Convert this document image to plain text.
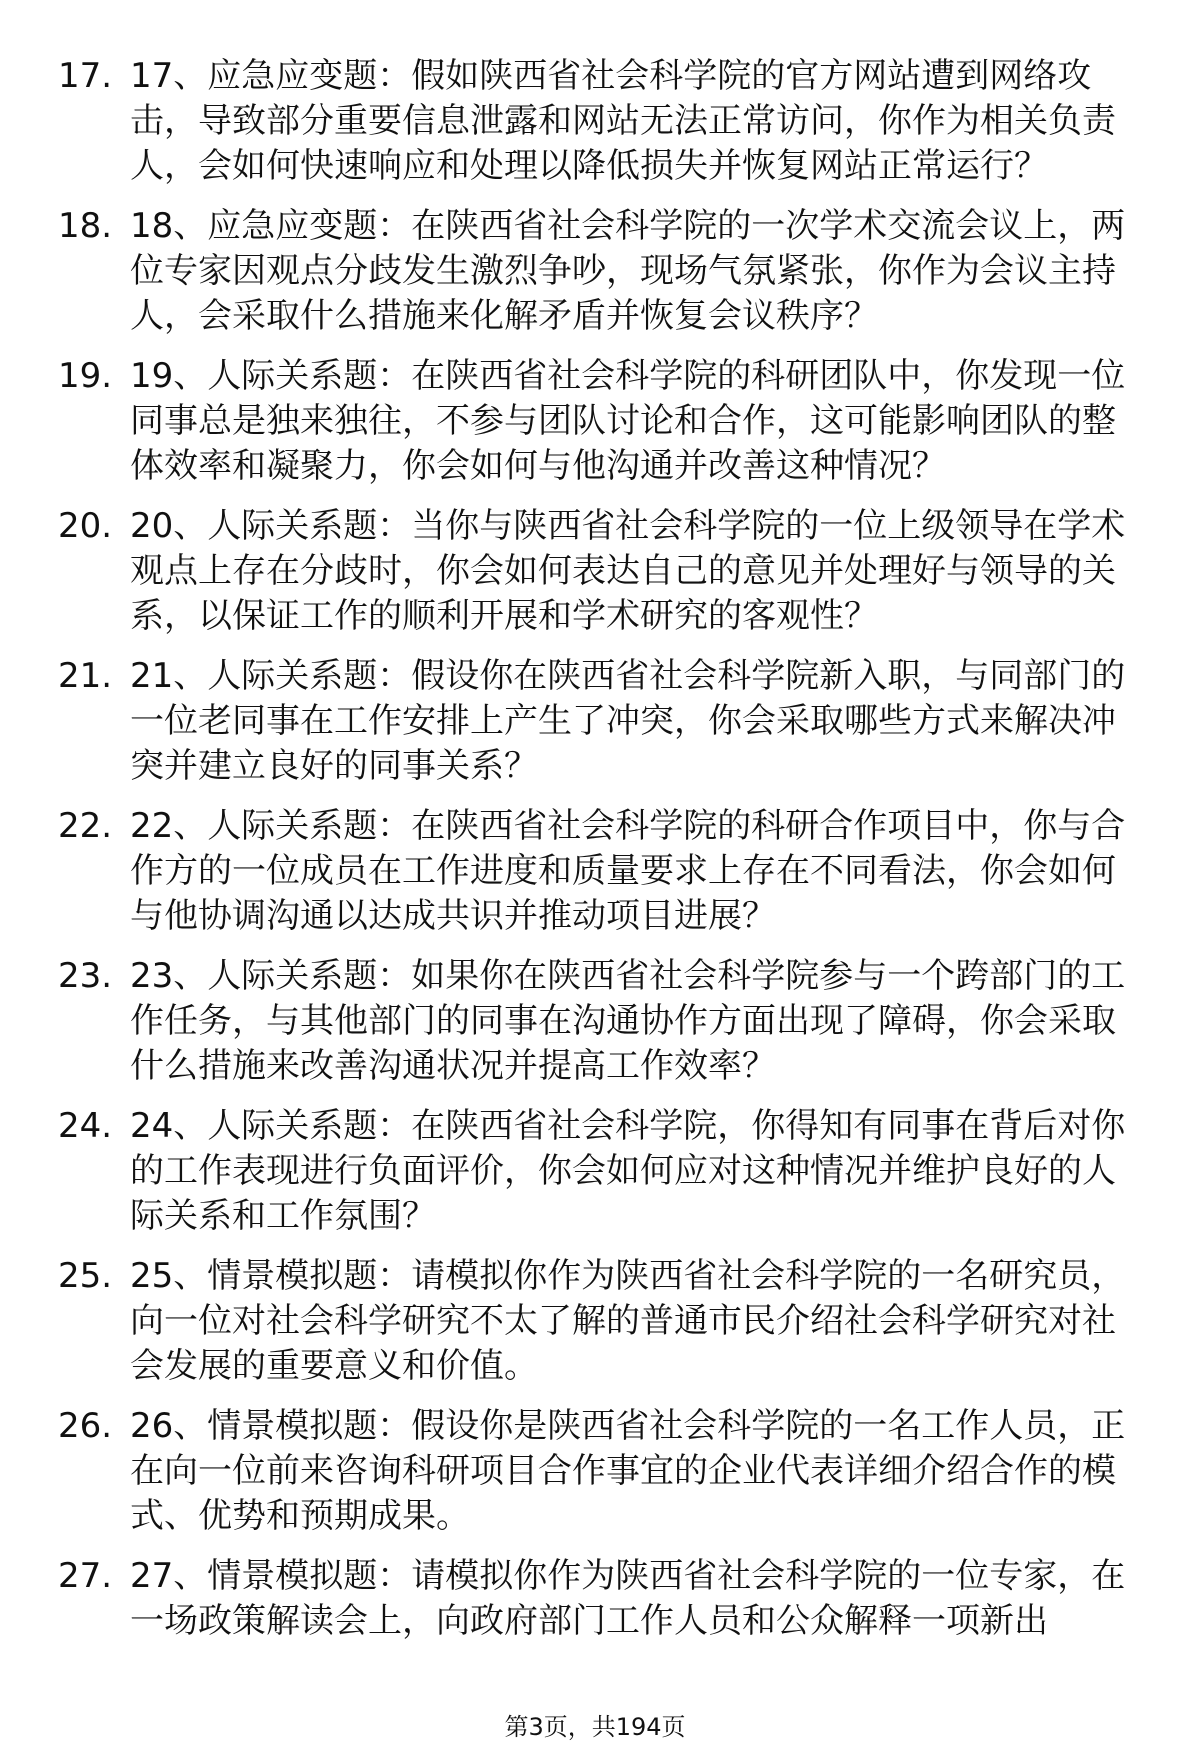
17. 17、应急应变题：假如陕西省社会科学院的官方网站遭到网络攻击，导致部分重要信息泄露和网站无法正常访问，你作为相关负责人，会如何快速响应和处理以降低损失并恢复网站正常运行？
18. 18、应急应变题：在陕西省社会科学院的一次学术交流会议上，两位专家因观点分歧发生激烈争吵，现场气氛紧张，你作为会议主持人，会采取什么措施来化解矛盾并恢复会议秩序？
19. 19、人际关系题：在陕西省社会科学院的科研团队中，你发现一位同事总是独来独往，不参与团队讨论和合作，这可能影响团队的整体效率和凝聚力，你会如何与他沟通并改善这种情况？
20. 20、人际关系题：当你与陕西省社会科学院的一位上级领导在学术观点上存在分歧时，你会如何表达自己的意见并处理好与领导的关系，以保证工作的顺利开展和学术研究的客观性？
21. 21、人际关系题：假设你在陕西省社会科学院新入职，与同部门的一位老同事在工作安排上产生了冲突，你会采取哪些方式来解决冲突并建立良好的同事关系？
22. 22、人际关系题：在陕西省社会科学院的科研合作项目中，你与合作方的一位成员在工作进度和质量要求上存在不同看法，你会如何与他协调沟通以达成共识并推动项目进展？
23. 23、人际关系题：如果你在陕西省社会科学院参与一个跨部门的工作任务，与其他部门的同事在沟通协作方面出现了障碍，你会采取什么措施来改善沟通状况并提高工作效率？
24. 24、人际关系题：在陕西省社会科学院，你得知有同事在背后对你的工作表现进行负面评价，你会如何应对这种情况并维护良好的人际关系和工作氛围？
25. 25、情景模拟题：请模拟你作为陕西省社会科学院的一名研究员，向一位对社会科学研究不太了解的普通市民介绍社会科学研究对社会发展的重要意义和价值。
26. 26、情景模拟题：假设你是陕西省社会科学院的一名工作人员，正在向一位前来咨询科研项目合作事宜的企业代表详细介绍合作的模式、优势和预期成果。
27. 27、情景模拟题：请模拟你作为陕西省社会科学院的一位专家，在一场政策解读会上，向政府部门工作人员和公众解释一项新出
第3页，共194页
